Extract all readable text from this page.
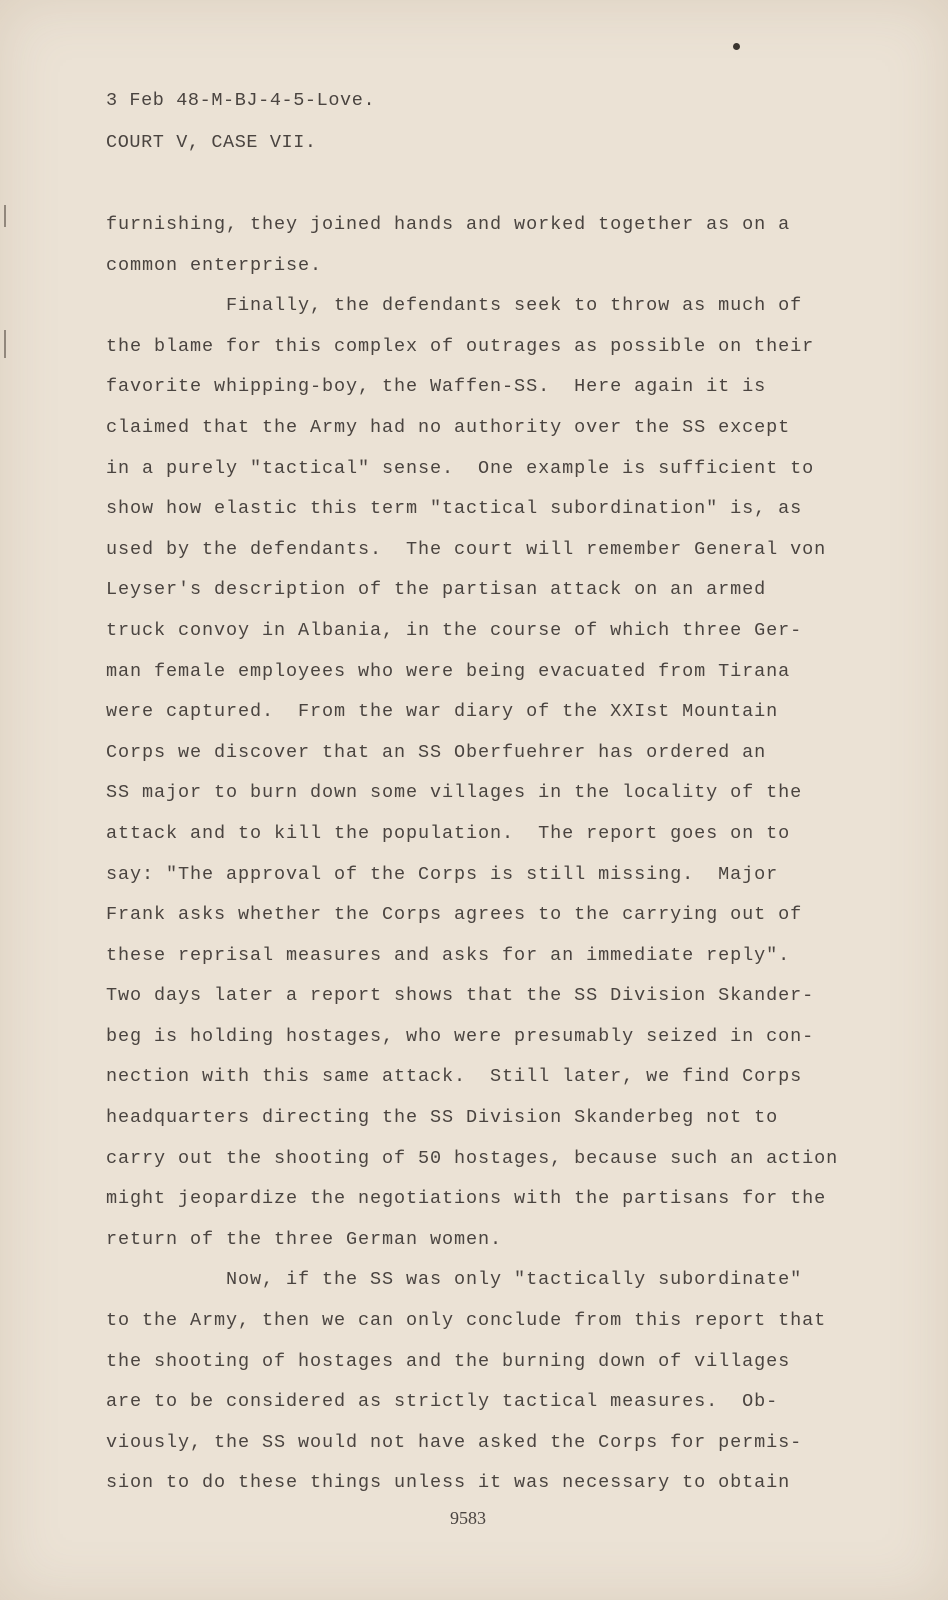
3 Feb 48-M-BJ-4-5-Love.
COURT V, CASE VII.
furnishing, they joined hands and worked together as on a
common enterprise.
Finally, the defendants seek to throw as much of
the blame for this complex of outrages as possible on their
favorite whipping-boy, the Waffen-SS.  Here again it is
claimed that the Army had no authority over the SS except
in a purely "tactical" sense.  One example is sufficient to
show how elastic this term "tactical subordination" is, as
used by the defendants.  The court will remember General von
Leyser's description of the partisan attack on an armed
truck convoy in Albania, in the course of which three Ger-
man female employees who were being evacuated from Tirana
were captured.  From the war diary of the XXIst Mountain
Corps we discover that an SS Oberfuehrer has ordered an
SS major to burn down some villages in the locality of the
attack and to kill the population.  The report goes on to
say: "The approval of the Corps is still missing.  Major
Frank asks whether the Corps agrees to the carrying out of
these reprisal measures and asks for an immediate reply".
Two days later a report shows that the SS Division Skander-
beg is holding hostages, who were presumably seized in con-
nection with this same attack.  Still later, we find Corps
headquarters directing the SS Division Skanderbeg not to
carry out the shooting of 50 hostages, because such an action
might jeopardize the negotiations with the partisans for the
return of the three German women.
Now, if the SS was only "tactically subordinate"
to the Army, then we can only conclude from this report that
the shooting of hostages and the burning down of villages
are to be considered as strictly tactical measures.  Ob-
viously, the SS would not have asked the Corps for permis-
sion to do these things unless it was necessary to obtain
9583
